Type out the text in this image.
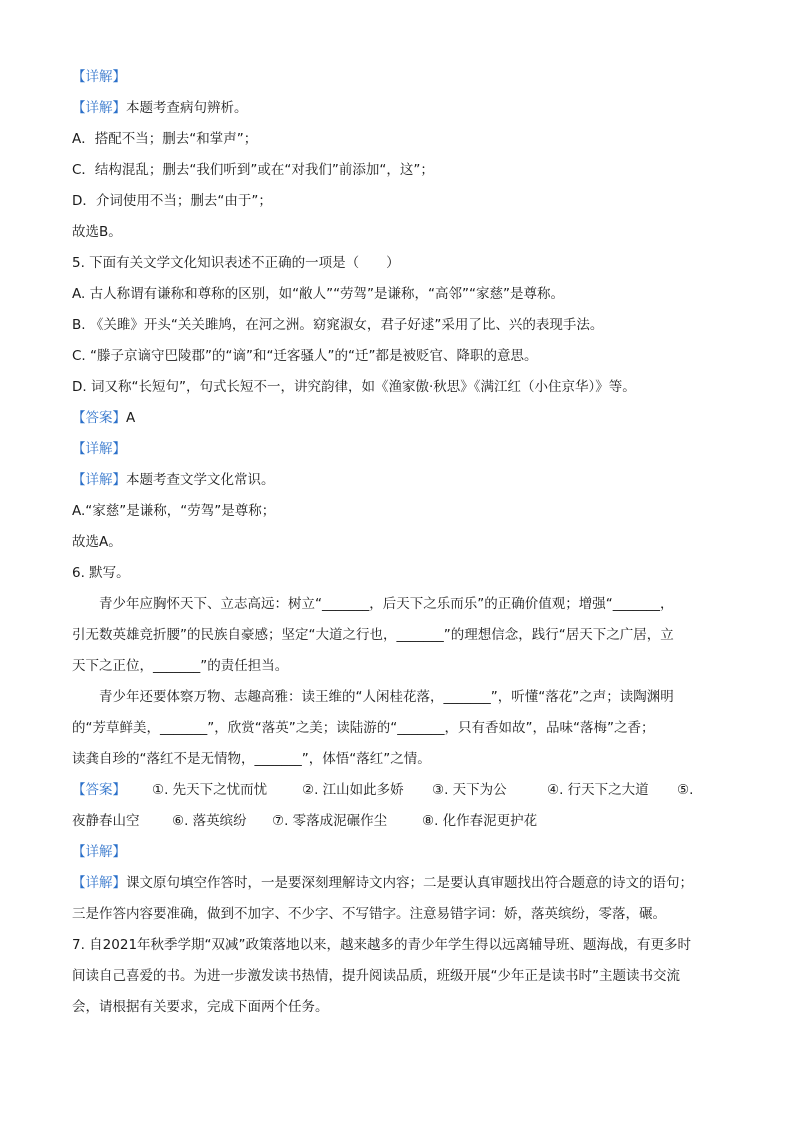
【详解】
【详解】本题考查病句辨析。
A．搭配不当；删去“和掌声”；
C．结构混乱；删去“我们听到”或在“对我们”前添加“，这”；
D．介词使用不当；删去“由于”；
故选B。
5. 下面有关文学文化知识表述不正确的一项是（　　）
A. 古人称谓有谦称和尊称的区别，如“敝人”“劳驾”是谦称，“高邻”“家慈”是尊称。
B. 《关雎》开头“关关雎鸠，在河之洲。窈窕淑女，君子好逑”采用了比、兴的表现手法。
C. “滕子京谪守巴陵郡”的“谪”和“迁客骚人”的“迁”都是被贬官、降职的意思。
D. 词又称“长短句”，句式长短不一，讲究韵律，如《渔家傲·秋思》《满江红（小住京华）》等。
【答案】A
【详解】
【详解】本题考查文学文化常识。
A.“家慈”是谦称，“劳驾”是尊称；
故选A。
6. 默写。
青少年应胸怀天下、立志高远：树立“_______，后天下之乐而乐”的正确价值观；增强“_______，
引无数英雄竞折腰”的民族自豪感；坚定“大道之行也，_______”的理想信念，践行“居天下之广居，立
天下之正位，_______”的责任担当。
青少年还要体察万物、志趣高雅：读王维的“人闲桂花落，_______”，听懂“落花”之声；读陶渊明
的“芳草鲜美，_______”，欣赏“落英”之美；读陆游的“_______，只有香如故”，品味“落梅”之香；
读龚自珍的“落红不是无情物，_______”，体悟“落红”之情。
【答案】 ①. 先天下之忧而忧	②. 江山如此多娇 ③. 天下为公	④. 行天下之大道 ⑤.
夜静春山空 ⑥. 落英缤纷 ⑦. 零落成泥碾作尘	⑧. 化作春泥更护花
【详解】
【详解】课文原句填空作答时，一是要深刻理解诗文内容；二是要认真审题找出符合题意的诗文的语句；
三是作答内容要准确，做到不加字、不少字、不写错字。注意易错字词：娇，落英缤纷，零落，碾。
7. 自2021年秋季学期“双减”政策落地以来，越来越多的青少年学生得以远离辅导班、题海战，有更多时
间读自己喜爱的书。为进一步激发读书热情，提升阅读品质，班级开展“少年正是读书时”主题读书交流
会，请根据有关要求，完成下面两个任务。
